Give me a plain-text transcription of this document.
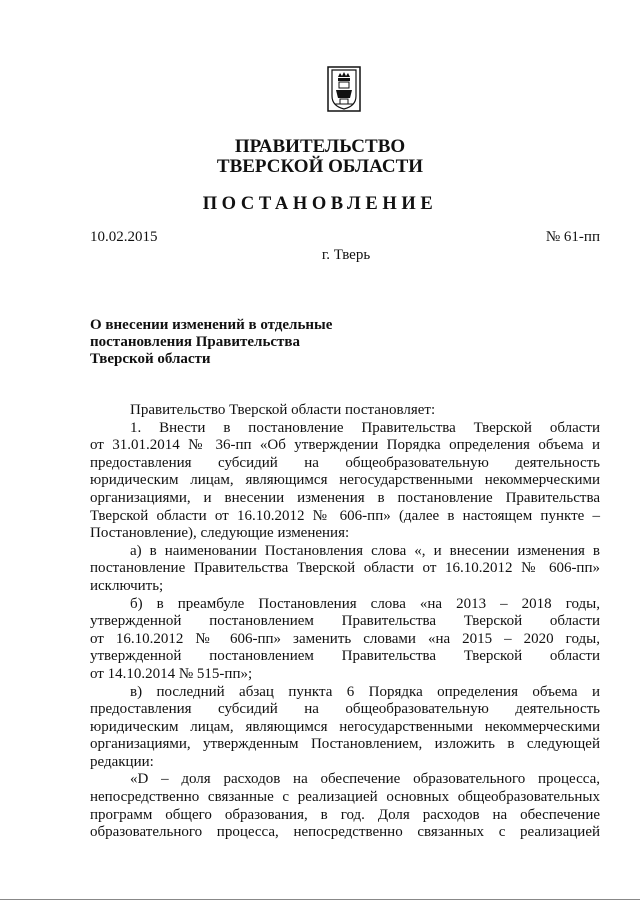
ПРАВИТЕЛЬСТВО
ТВЕРСКОЙ ОБЛАСТИ
ПОСТАНОВЛЕНИЕ
10.02.2015	№ 61-пп
г. Тверь
О внесении изменений в отдельные
постановления Правительства
Тверской области
Правительство Тверской области постановляет:
1. Внести в постановление Правительства Тверской области
от 31.01.2014 № 36-пп «Об утверждении Порядка определения объема и
предоставления субсидий на общеобразовательную деятельность
юридическим лицам, являющимся негосударственными некоммерческими
организациями, и внесении изменения в постановление Правительства
Тверской области от 16.10.2012 № 606-пп» (далее в настоящем пункте –
Постановление), следующие изменения:
а) в наименовании Постановления слова «, и внесении изменения в
постановление Правительства Тверской области от 16.10.2012 № 606-пп»
исключить;
б) в преамбуле Постановления слова «на 2013 – 2018 годы,
утвержденной постановлением Правительства Тверской области
от 16.10.2012 № 606-пп» заменить словами «на 2015 – 2020 годы,
утвержденной постановлением Правительства Тверской области
от 14.10.2014 № 515-пп»;
в) последний абзац пункта 6 Порядка определения объема и
предоставления субсидий на общеобразовательную деятельность
юридическим лицам, являющимся негосударственными некоммерческими
организациями, утвержденным Постановлением, изложить в следующей
редакции:
«D – доля расходов на обеспечение образовательного процесса,
непосредственно связанные с реализацией основных общеобразовательных
программ общего образования, в год. Доля расходов на обеспечение
образовательного процесса, непосредственно связанных с реализацией
